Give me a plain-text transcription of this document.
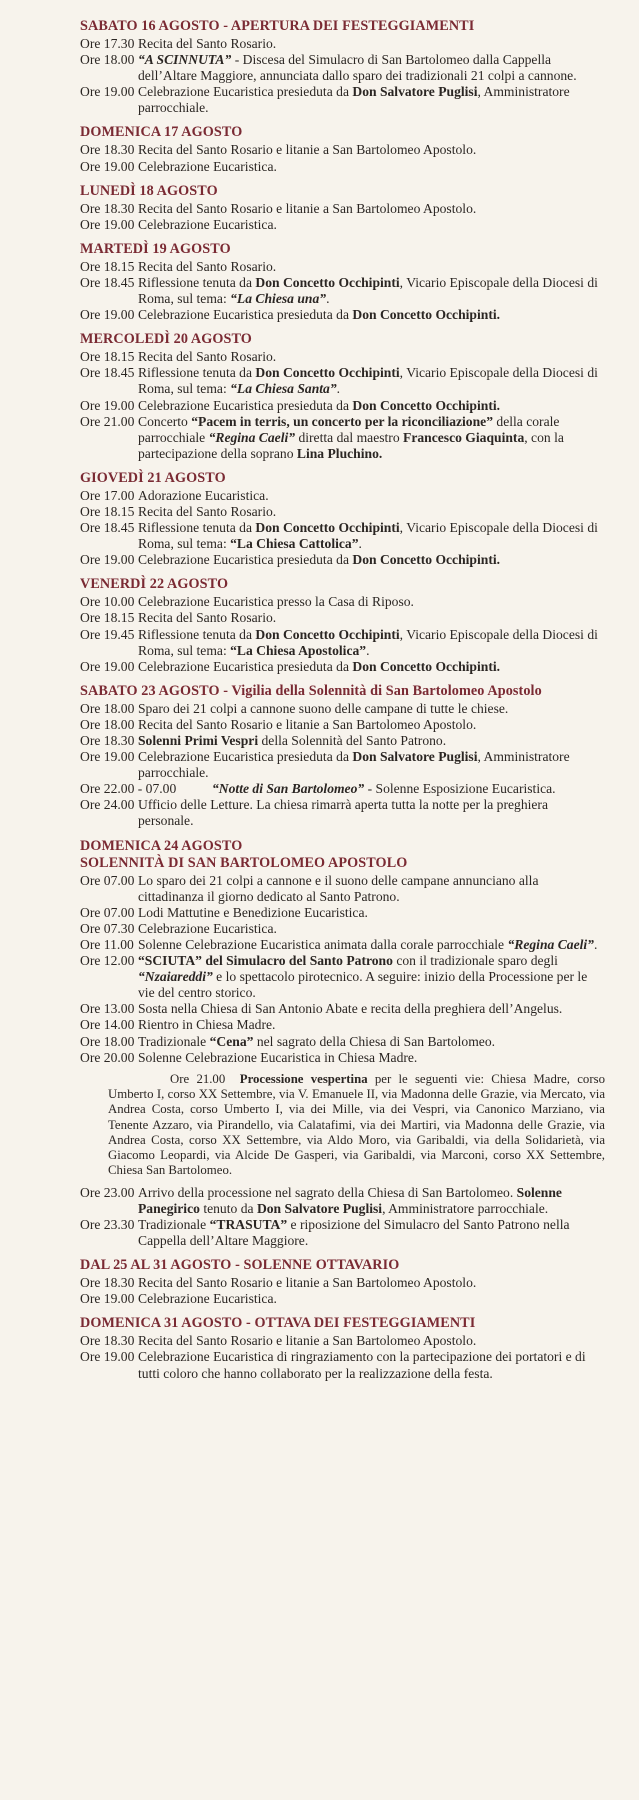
SABATO 16 AGOSTO - APERTURA DEI FESTEGGIAMENTI
Ore 17.30 Recita del Santo Rosario.
Ore 18.00 “A SCINNUTA” - Discesa del Simulacro di San Bartolomeo dalla Cappella dell’Altare Maggiore, annunciata dallo sparo dei tradizionali 21 colpi a cannone.
Ore 19.00 Celebrazione Eucaristica presieduta da Don Salvatore Puglisi, Amministratore parrocchiale.
DOMENICA 17 AGOSTO
Ore 18.30 Recita del Santo Rosario e litanie a San Bartolomeo Apostolo.
Ore 19.00 Celebrazione Eucaristica.
LUNEDÌ 18 AGOSTO
Ore 18.30 Recita del Santo Rosario e litanie a San Bartolomeo Apostolo.
Ore 19.00 Celebrazione Eucaristica.
MARTEDÌ 19 AGOSTO
Ore 18.15 Recita del Santo Rosario.
Ore 18.45 Riflessione tenuta da Don Concetto Occhipinti, Vicario Episcopale della Diocesi di Roma, sul tema: “La Chiesa una”.
Ore 19.00 Celebrazione Eucaristica presieduta da Don Concetto Occhipinti.
MERCOLEDÌ 20 AGOSTO
Ore 18.15 Recita del Santo Rosario.
Ore 18.45 Riflessione tenuta da Don Concetto Occhipinti, Vicario Episcopale della Diocesi di Roma, sul tema: “La Chiesa Santa”.
Ore 19.00 Celebrazione Eucaristica presieduta da Don Concetto Occhipinti.
Ore 21.00 Concerto “Pacem in terris, un concerto per la riconciliazione” della corale parrocchiale “Regina Caeli” diretta dal maestro Francesco Giaquinta, con la partecipazione della soprano Lina Pluchino.
GIOVEDÌ 21 AGOSTO
Ore 17.00 Adorazione Eucaristica.
Ore 18.15 Recita del Santo Rosario.
Ore 18.45 Riflessione tenuta da Don Concetto Occhipinti, Vicario Episcopale della Diocesi di Roma, sul tema: “La Chiesa Cattolica”.
Ore 19.00 Celebrazione Eucaristica presieduta da Don Concetto Occhipinti.
VENERDÌ 22 AGOSTO
Ore 10.00 Celebrazione Eucaristica presso la Casa di Riposo.
Ore 18.15 Recita del Santo Rosario.
Ore 19.45 Riflessione tenuta da Don Concetto Occhipinti, Vicario Episcopale della Diocesi di Roma, sul tema: “La Chiesa Apostolica”.
Ore 19.00 Celebrazione Eucaristica presieduta da Don Concetto Occhipinti.
SABATO 23 AGOSTO - Vigilia della Solennità di San Bartolomeo Apostolo
Ore 18.00 Sparo dei 21 colpi a cannone suono delle campane di tutte le chiese.
Ore 18.00 Recita del Santo Rosario e litanie a San Bartolomeo Apostolo.
Ore 18.30 Solenni Primi Vespri della Solennità del Santo Patrono.
Ore 19.00 Celebrazione Eucaristica presieduta da Don Salvatore Puglisi, Amministratore parrocchiale.
Ore 22.00 - 07.00	“Notte di San Bartolomeo” - Solenne Esposizione Eucaristica.
Ore 24.00 Ufficio delle Letture. La chiesa rimarrà aperta tutta la notte per la preghiera personale.
DOMENICA 24 AGOSTO
SOLENNITÀ DI SAN BARTOLOMEO APOSTOLO
Ore 07.00 Lo sparo dei 21 colpi a cannone e il suono delle campane annunciano alla cittadinanza il giorno dedicato al Santo Patrono.
Ore 07.00 Lodi Mattutine e Benedizione Eucaristica.
Ore 07.30 Celebrazione Eucaristica.
Ore 11.00 Solenne Celebrazione Eucaristica animata dalla corale parrocchiale “Regina Caeli”.
Ore 12.00 “SCIUTA” del Simulacro del Santo Patrono con il tradizionale sparo degli “Nzaiareddi” e lo spettacolo pirotecnico. A seguire: inizio della Processione per le vie del centro storico.
Ore 13.00 Sosta nella Chiesa di San Antonio Abate e recita della preghiera dell’Angelus.
Ore 14.00 Rientro in Chiesa Madre.
Ore 18.00 Tradizionale “Cena” nel sagrato della Chiesa di San Bartolomeo.
Ore 20.00 Solenne Celebrazione Eucaristica in Chiesa Madre.
Ore 21.00 Processione vespertina per le seguenti vie: Chiesa Madre, corso Umberto I, corso XX Settembre, via V. Emanuele II, via Madonna delle Grazie, via Mercato, via Andrea Costa, corso Umberto I, via dei Mille, via dei Vespri, via Canonico Marziano, via Tenente Azzaro, via Pirandello, via Calatafimi, via dei Martiri, via Madonna delle Grazie, via Andrea Costa, corso XX Settembre, via Aldo Moro, via Garibaldi, via della Solidarietà, via Giacomo Leopardi, via Alcide De Gasperi, via Garibaldi, via Marconi, corso XX Settembre, Chiesa San Bartolomeo.
Ore 23.00 Arrivo della processione nel sagrato della Chiesa di San Bartolomeo. Solenne Panegirico tenuto da Don Salvatore Puglisi, Amministratore parrocchiale.
Ore 23.30 Tradizionale “TRASUTA” e riposizione del Simulacro del Santo Patrono nella Cappella dell’Altare Maggiore.
DAL 25 AL 31 AGOSTO - SOLENNE OTTAVARIO
Ore 18.30 Recita del Santo Rosario e litanie a San Bartolomeo Apostolo.
Ore 19.00 Celebrazione Eucaristica.
DOMENICA 31 AGOSTO - OTTAVA DEI FESTEGGIAMENTI
Ore 18.30 Recita del Santo Rosario e litanie a San Bartolomeo Apostolo.
Ore 19.00 Celebrazione Eucaristica di ringraziamento con la partecipazione dei portatori e di tutti coloro che hanno collaborato per la realizzazione della festa.
